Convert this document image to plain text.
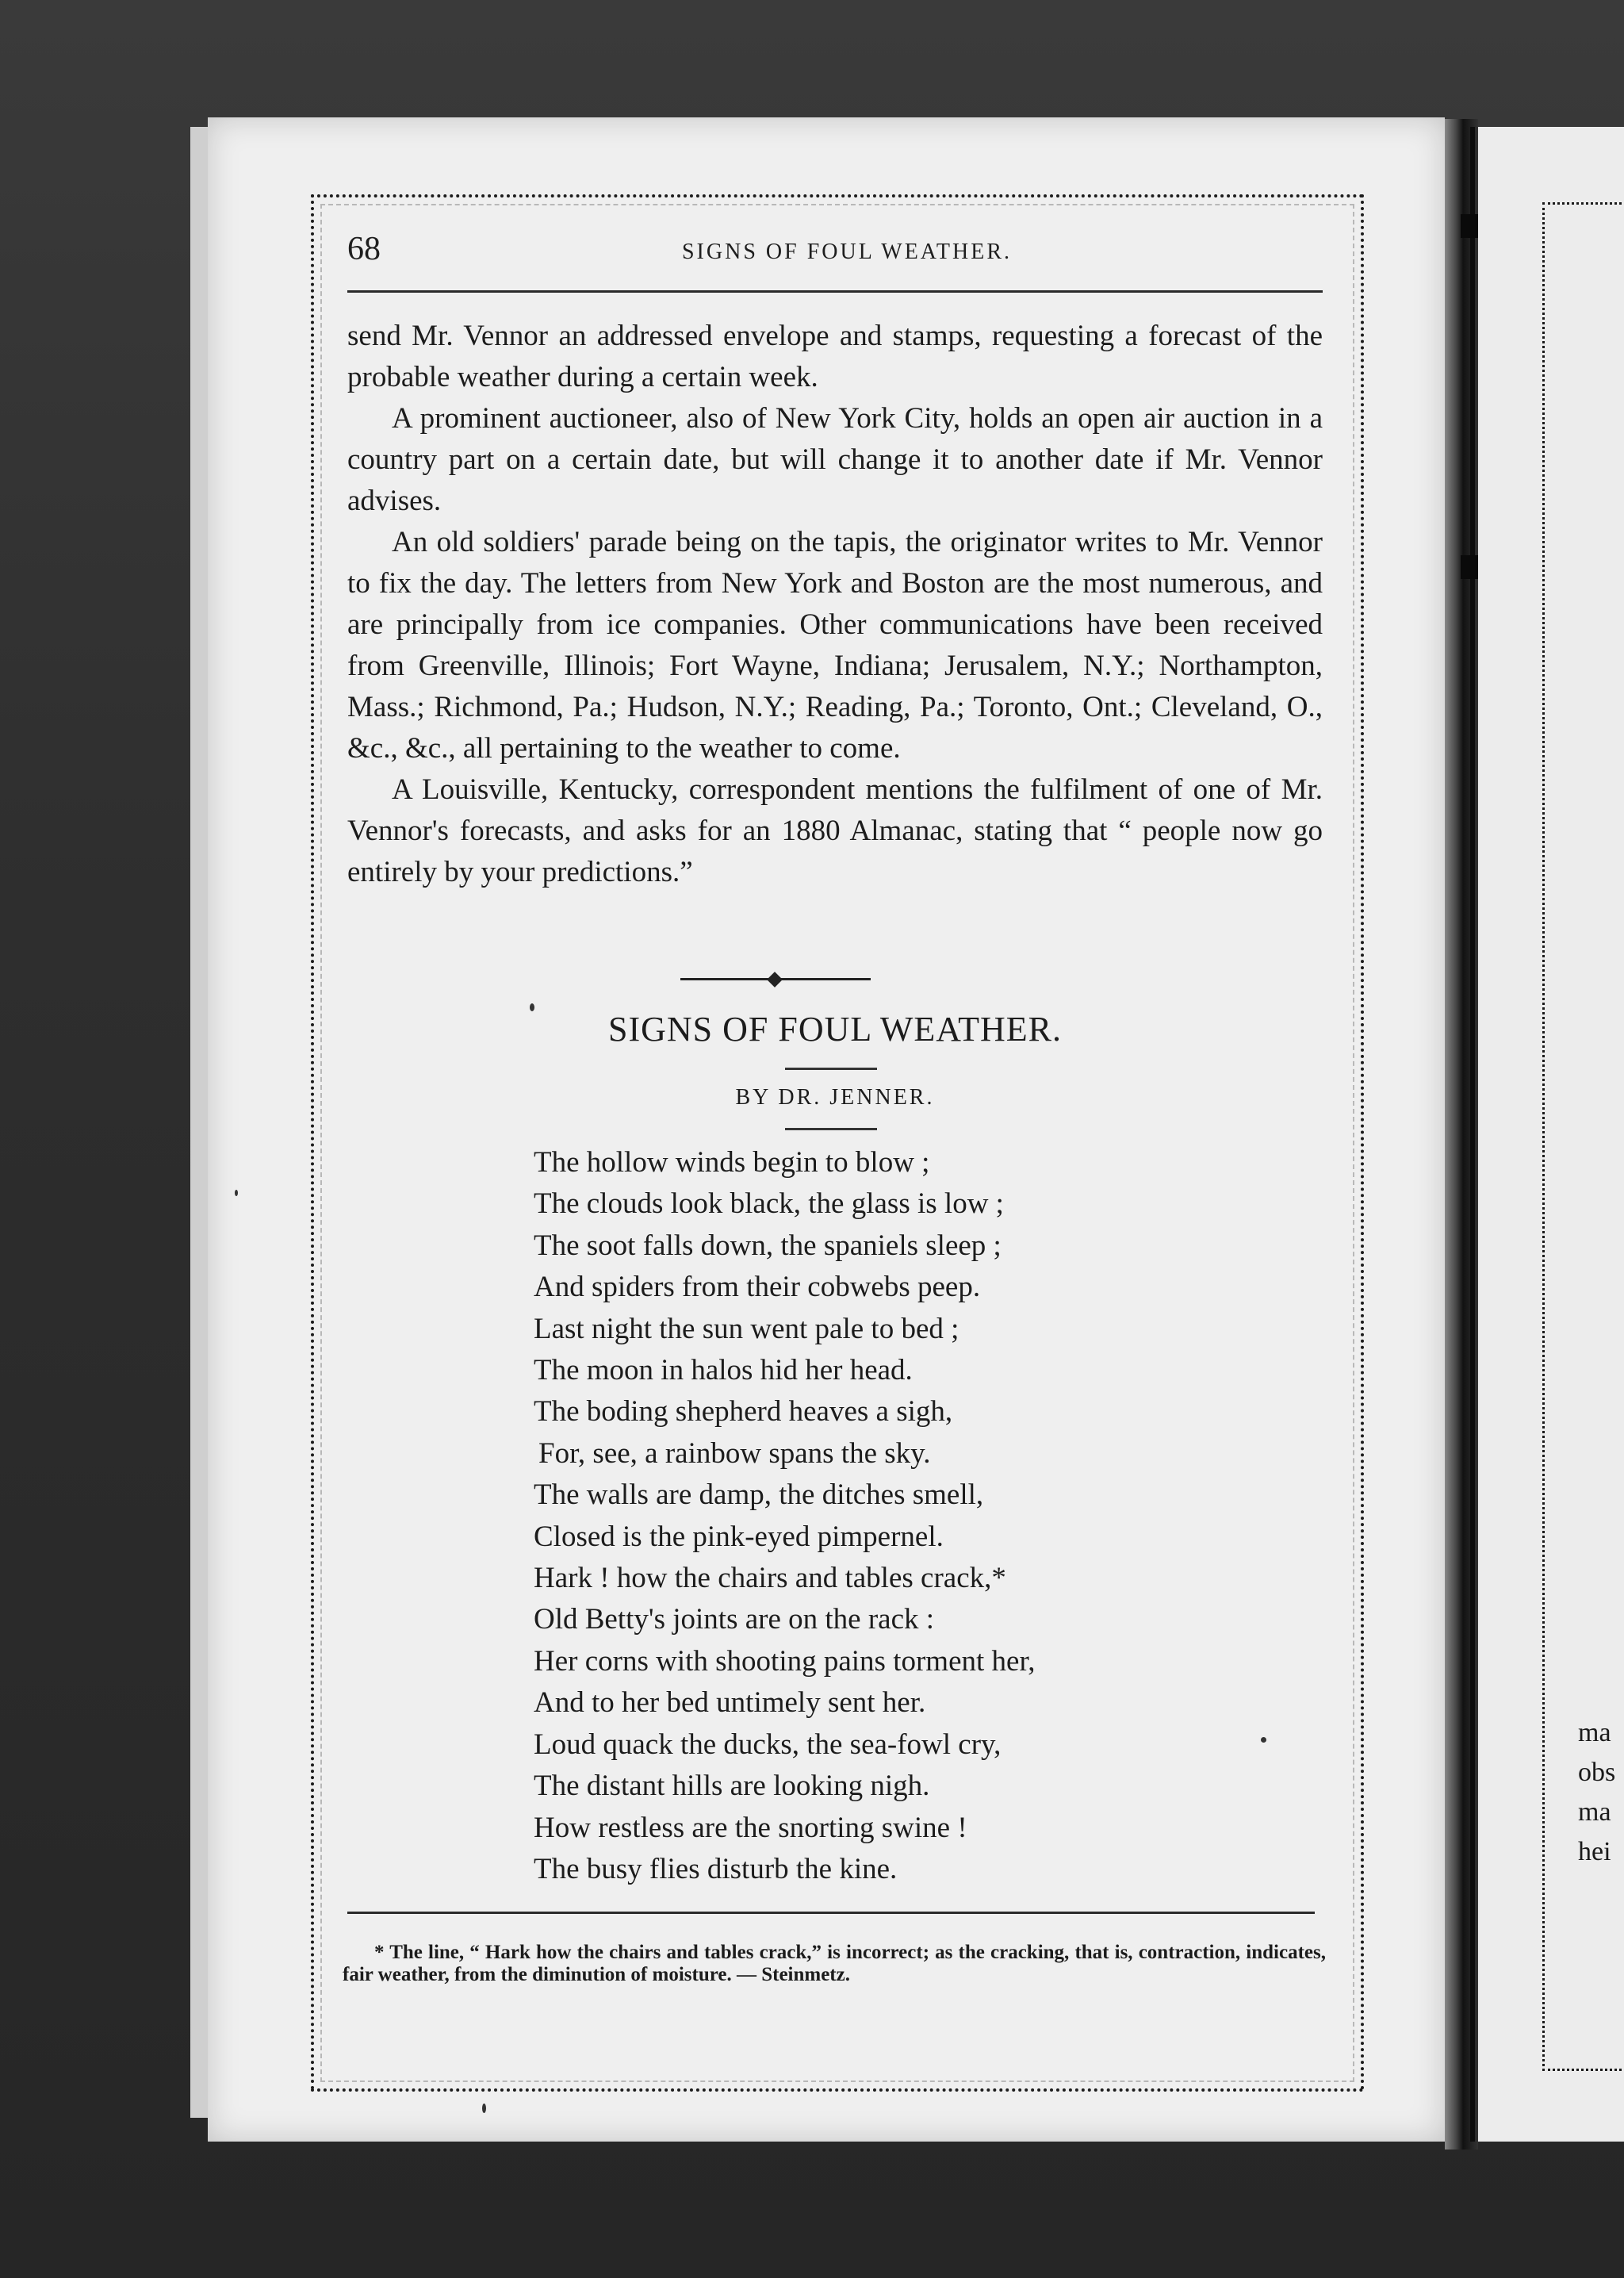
ma
obs
ma
hei
68	SIGNS OF FOUL WEATHER.

send Mr. Vennor an addressed envelope and stamps, requesting a forecast of the probable weather during a certain week.

A prominent auctioneer, also of New York City, holds an open air auction in a country part on a certain date, but will change it to another date if Mr. Vennor advises.

An old soldiers' parade being on the tapis, the originator writes to Mr. Vennor to fix the day. The letters from New York and Boston are the most numerous, and are principally from ice companies. Other communications have been received from Greenville, Illinois; Fort Wayne, Indiana; Jerusalem, N.Y.; Northampton, Mass.; Richmond, Pa.; Hudson, N.Y.; Reading, Pa.; Toronto, Ont.; Cleveland, O., &c., &c., all pertaining to the weather to come.

A Louisville, Kentucky, correspondent mentions the fulfilment of one of Mr. Vennor's forecasts, and asks for an 1880 Almanac, stating that “ people now go entirely by your predictions.”

SIGNS OF FOUL WEATHER.
BY DR. JENNER.
The hollow winds begin to blow ;
The clouds look black, the glass is low ;
The soot falls down, the spaniels sleep ;
And spiders from their cobwebs peep.
Last night the sun went pale to bed ;
The moon in halos hid her head.
The boding shepherd heaves a sigh,
For, see, a rainbow spans the sky.
The walls are damp, the ditches smell,
Closed is the pink-eyed pimpernel.
Hark ! how the chairs and tables crack,*
Old Betty's joints are on the rack :
Her corns with shooting pains torment her,
And to her bed untimely sent her.
Loud quack the ducks, the sea-fowl cry,
The distant hills are looking nigh.
How restless are the snorting swine !
The busy flies disturb the kine.

* The line, “ Hark how the chairs and tables crack,” is incorrect; as the cracking, that is, contraction, indicates, fair weather, from the diminution of moisture. — Steinmetz.
